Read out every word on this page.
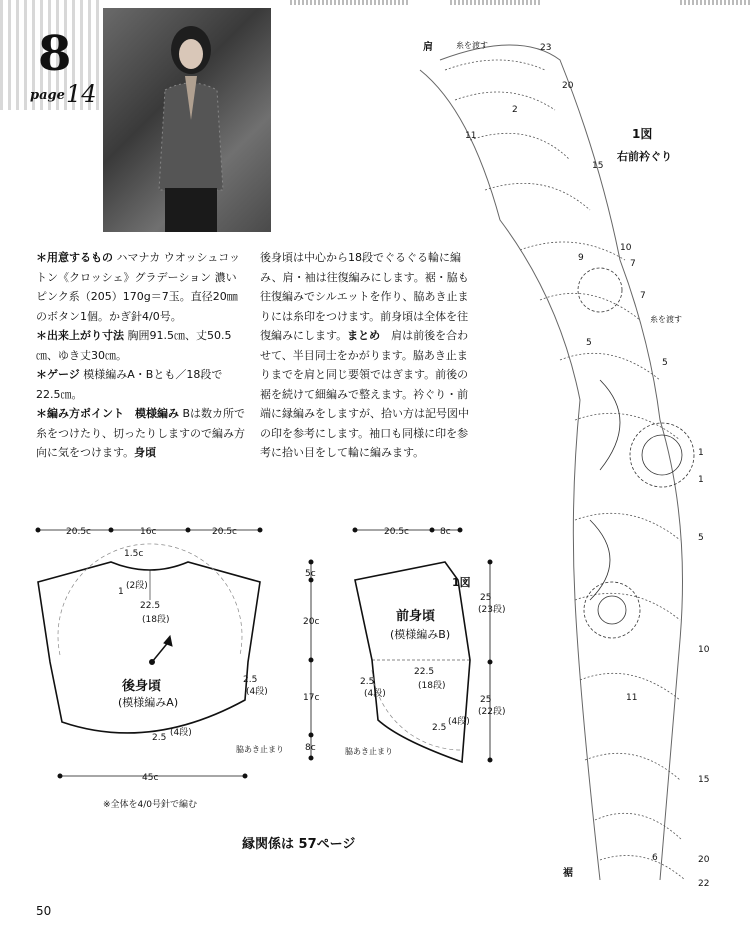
8
page 14

＊用意するもの ハマナカ ウオッシュコットン《クロッシェ》グラデーション 濃いピンク系（205）170g＝7玉。直径20㎜のボタン1個。かぎ針4/0号。

＊出来上がり寸法 胸囲91.5㎝、丈50.5㎝、ゆき丈30㎝。

＊ゲージ 模様編みA・Bとも／18段で22.5㎝。

＊編み方ポイント　模様編み Bは数カ所で糸をつけたり、切ったりしますので編み方向に気をつけます。身頃

後身頃は中心から18段でぐるぐる輪に編み、肩・袖は往復編みにします。裾・脇も往復編みでシルエットを作り、脇あき止まりには糸印をつけます。前身頃は全体を往復編みにします。まとめ　 肩は前後を合わせて、半目同士をかがります。脇あき止まりまでを肩と同じ要領ではぎます。前後の裾を続けて細編みで整えます。衿ぐり・前端に縁編みをしますが、拾い方は記号図中の印を参考にします。袖口も同様に印を参考に拾い目をして輪に編みます。

20.5c	16c	20.5c
1.5c
1
(2段)
22.5
(18段)
後身頃
(模様編みA)
2.5
(4段)
2.5 (4段)
脇あき止まり
45c
5c
20c
17c
8c
20.5c	8c
1図
前身頃
(模様編みB)
22.5
(18段)
2.5
(4段)
2.5
(4段)
脇あき止まり
25
(23段)
25
(22段)
肩	糸を渡す
糸を渡す
1図
右前衿ぐり
裾
23
20
15
10
7
7
5
1
1
5
10
15
20
22
11
9
5
11
6
2
※全体を4/0号針で編む
縁関係は 57ページ
50
